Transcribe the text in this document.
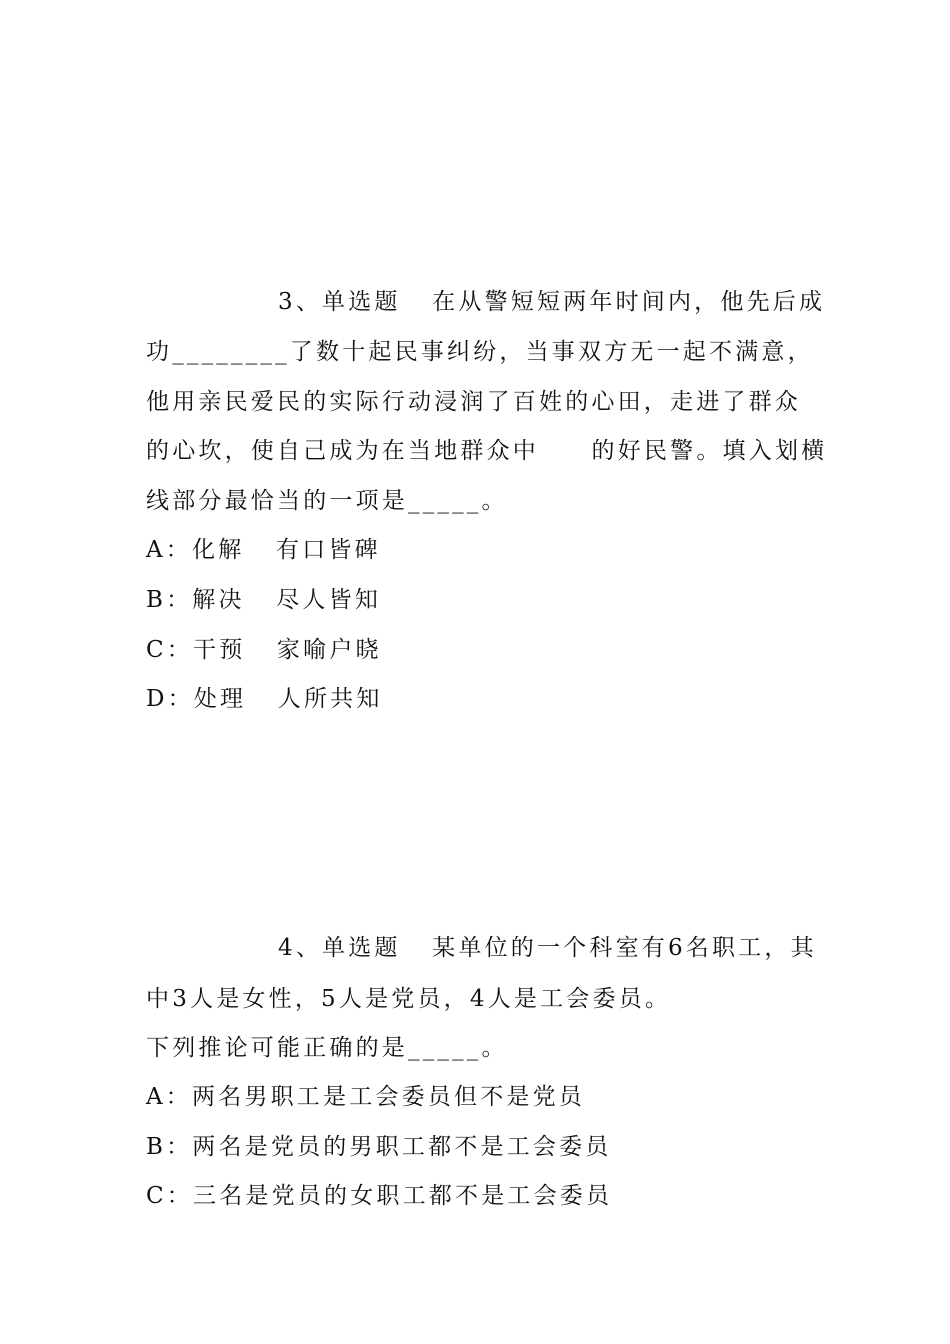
3、单选题   在从警短短两年时间内，他先后成
功________了数十起民事纠纷，当事双方无一起不满意，
他用亲民爱民的实际行动浸润了百姓的心田，走进了群众
的心坎，使自己成为在当地群众中     的好民警。填入划横
线部分最恰当的一项是_____。
A：化解   有口皆碑
B：解决   尽人皆知
C：干预   家喻户晓
D：处理   人所共知
4、单选题   某单位的一个科室有6名职工，其
中3人是女性，5人是党员，4人是工会委员。
下列推论可能正确的是_____。
A：两名男职工是工会委员但不是党员
B：两名是党员的男职工都不是工会委员
C：三名是党员的女职工都不是工会委员
